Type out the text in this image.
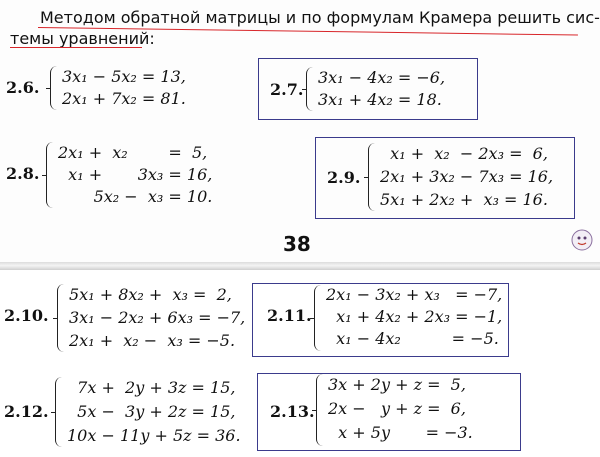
Методом обратной матрицы и по формулам Крамера решить сис-
темы уравнений:
2.6.
3x₁ − 5x₂ = 13,
2x₁ + 7x₂ = 81.	2.7.
3x₁ − 4x₂ = −6,
3x₁ + 4x₂ = 18.
2.8.
2x₁ +  x₂        =  5,
x₁ +       3x₃ = 16,
5x₂ −  x₃ = 10.
2.9.
x₁ +  x₂  − 2x₃ =  6,
2x₁ + 3x₂ − 7x₃ = 16,
5x₁ + 2x₂ +  x₃ = 16.
38
2.10.
5x₁ + 8x₂ +  x₃ =  2,
3x₁ − 2x₂ + 6x₃ = −7,
2x₁ +  x₂ −  x₃ = −5.
2.11.
2x₁ − 3x₂ + x₃   = −7,
x₁ + 4x₂ + 2x₃ = −1,
x₁ − 4x₂          = −5.
2.12.
7x +  2y + 3z = 15,
5x −  3y + 2z = 15,
10x − 11y + 5z = 36.
2.13.
3x + 2y + z =  5,
2x −   y + z =  6,
x + 5y       = −3.
